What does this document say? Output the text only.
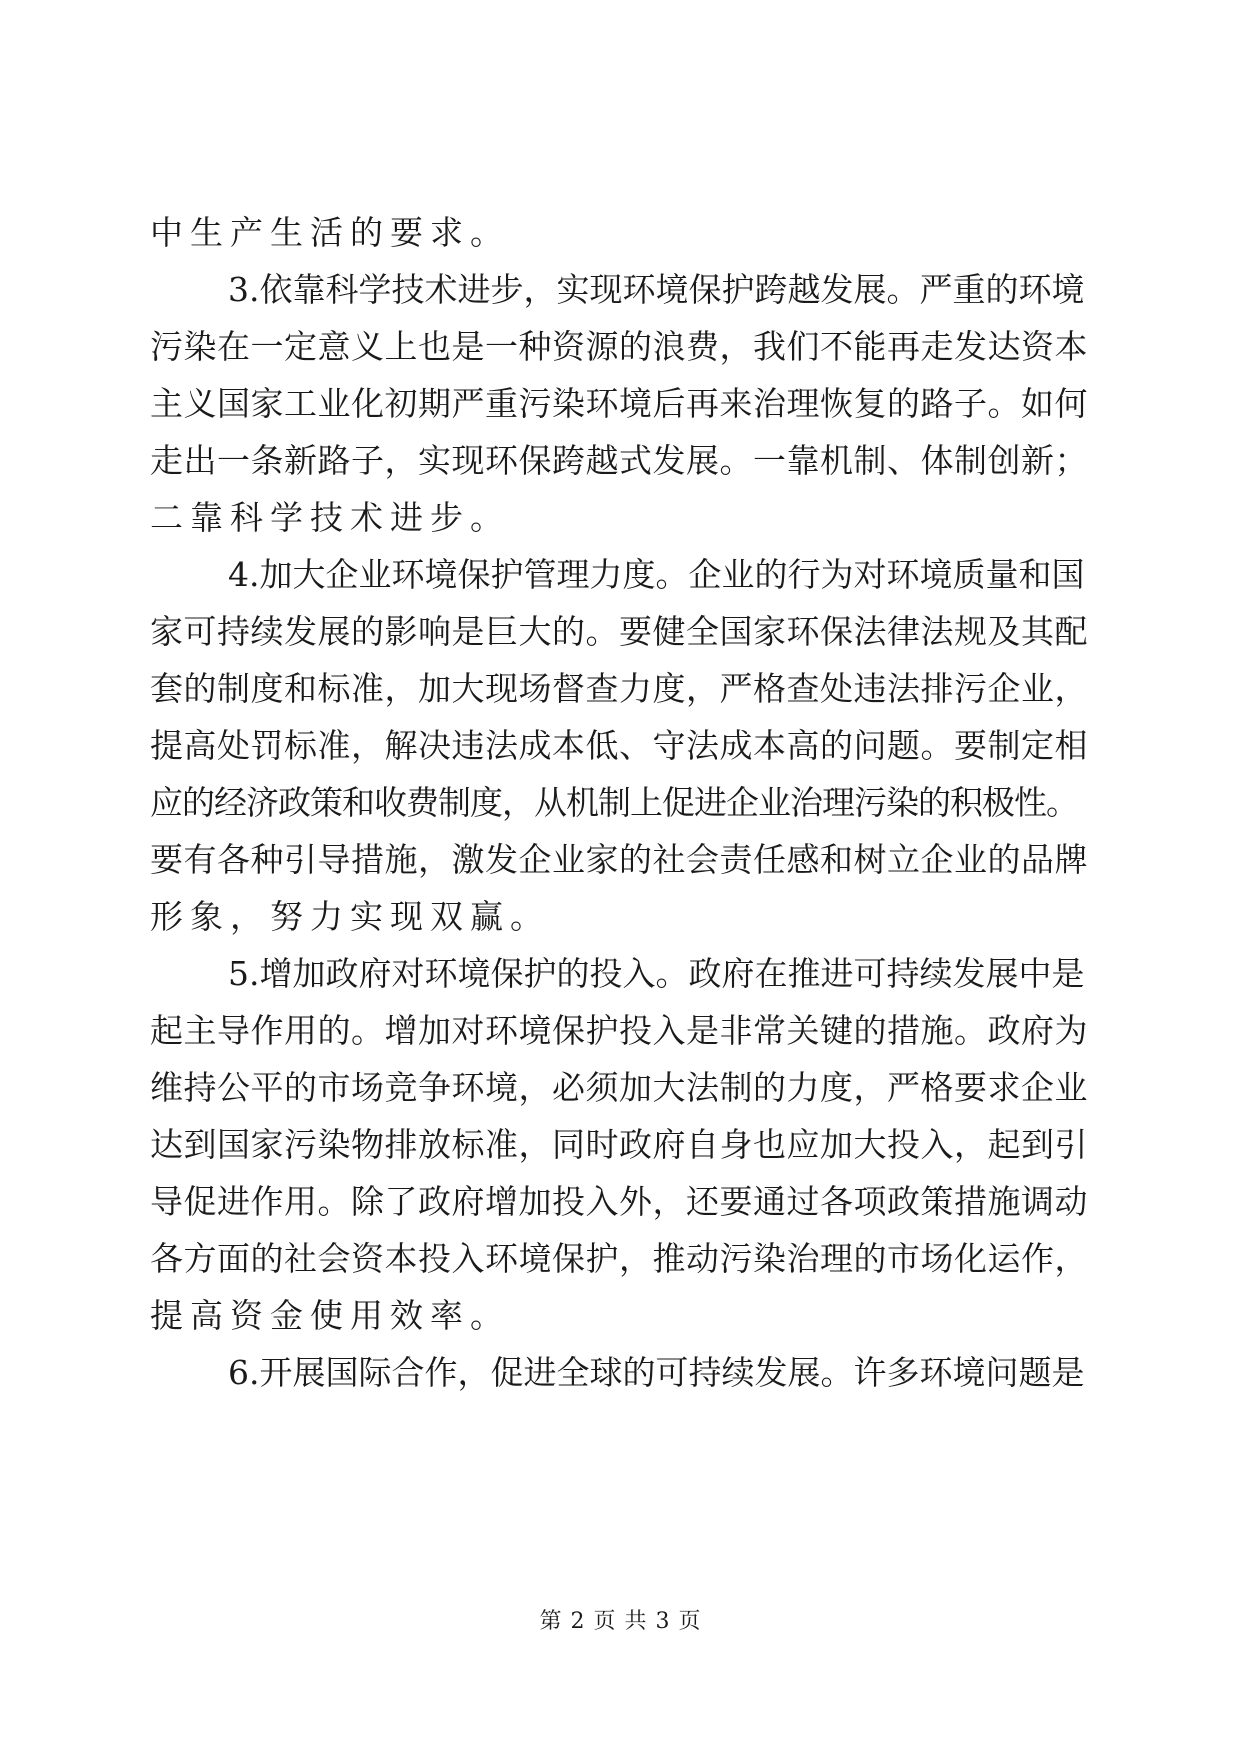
中生产生活的要求。
3.依靠科学技术进步，实现环境保护跨越发展。严重的环境
污染在一定意义上也是一种资源的浪费，我们不能再走发达资本
主义国家工业化初期严重污染环境后再来治理恢复的路子。如何
走出一条新路子，实现环保跨越式发展。一靠机制、体制创新；
二靠科学技术进步。
4.加大企业环境保护管理力度。企业的行为对环境质量和国
家可持续发展的影响是巨大的。要健全国家环保法律法规及其配
套的制度和标准，加大现场督查力度，严格查处违法排污企业，
提高处罚标准，解决违法成本低、守法成本高的问题。要制定相
应的经济政策和收费制度，从机制上促进企业治理污染的积极性。
要有各种引导措施，激发企业家的社会责任感和树立企业的品牌
形象，努力实现双赢。
5.增加政府对环境保护的投入。政府在推进可持续发展中是
起主导作用的。增加对环境保护投入是非常关键的措施。政府为
维持公平的市场竞争环境，必须加大法制的力度，严格要求企业
达到国家污染物排放标准，同时政府自身也应加大投入，起到引
导促进作用。除了政府增加投入外，还要通过各项政策措施调动
各方面的社会资本投入环境保护，推动污染治理的市场化运作，
提高资金使用效率。
6.开展国际合作，促进全球的可持续发展。许多环境问题是
第 2 页 共 3 页
